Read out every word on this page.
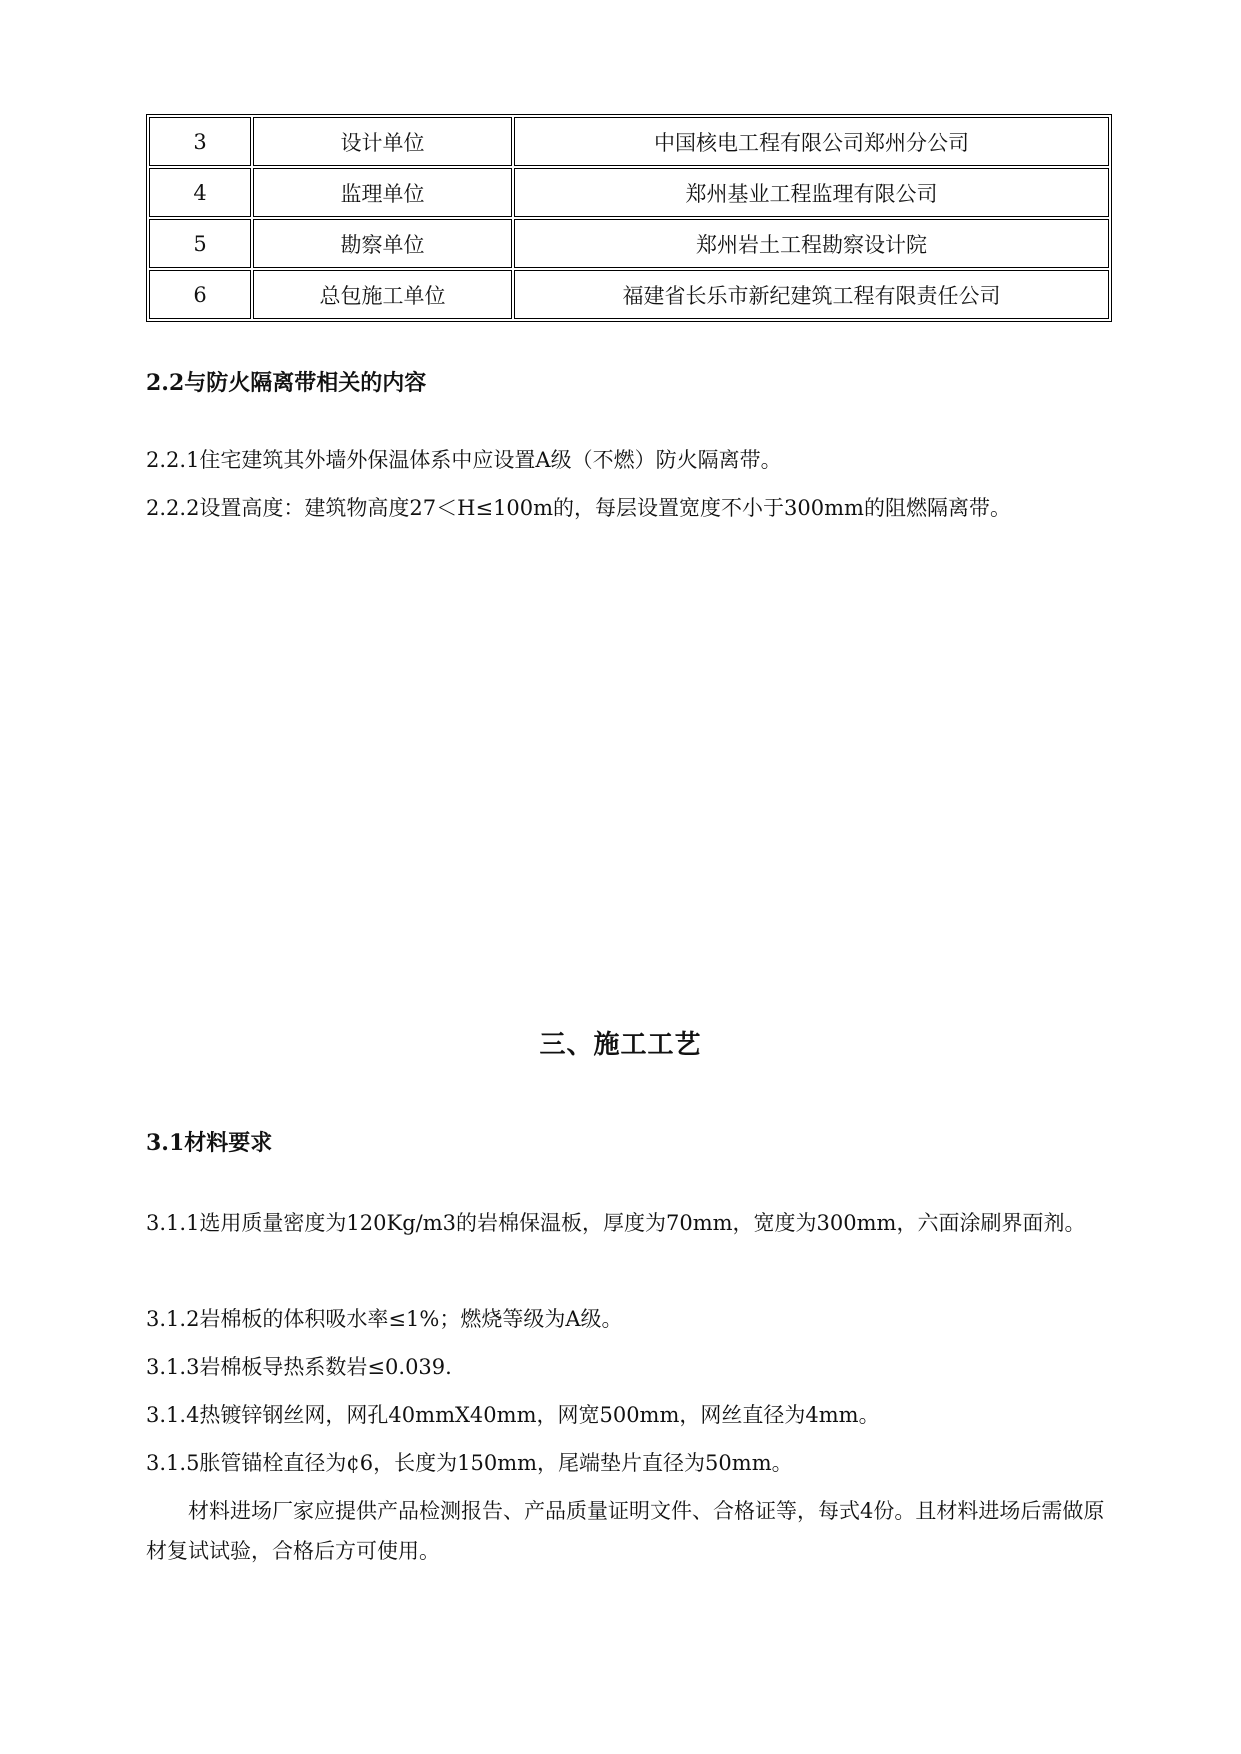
3	设计单位	中国核电工程有限公司郑州分公司
4	监理单位	郑州基业工程监理有限公司
5	勘察单位	郑州岩土工程勘察设计院
6	总包施工单位	福建省长乐市新纪建筑工程有限责任公司
2.2与防火隔离带相关的内容
2.2.1住宅建筑其外墙外保温体系中应设置A级（不燃）防火隔离带。
2.2.2设置高度：建筑物高度27＜H≤100m的，每层设置宽度不小于300mm的阻燃隔离带。
三、施工工艺
3.1材料要求
3.1.1选用质量密度为120Kg/m3的岩棉保温板，厚度为70mm，宽度为300mm，六面涂刷界面剂。
3.1.2岩棉板的体积吸水率≤1%；燃烧等级为A级。
3.1.3岩棉板导热系数岩≤0.039.
3.1.4热镀锌钢丝网，网孔40mmX40mm，网宽500mm，网丝直径为4mm。
3.1.5胀管锚栓直径为¢6，长度为150mm，尾端垫片直径为50mm。
材料进场厂家应提供产品检测报告、产品质量证明文件、合格证等，每式4份。且材料进场后需做原材复试试验，合格后方可使用。
